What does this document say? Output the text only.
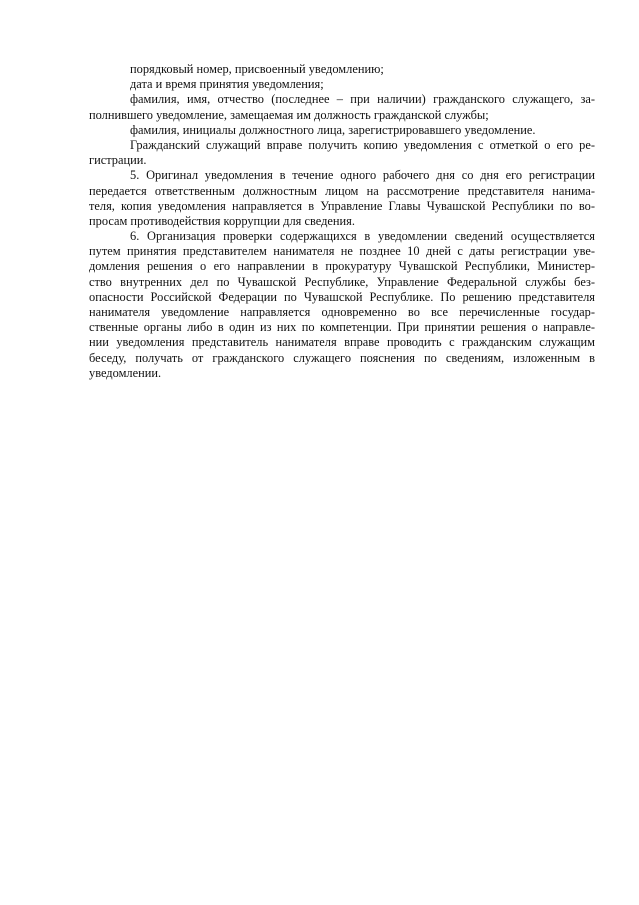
порядковый номер, присвоенный уведомлению;
дата и время принятия уведомления;
фамилия, имя, отчество (последнее – при наличии) гражданского служащего, за-
полнившего уведомление, замещаемая им должность гражданской службы;
фамилия, инициалы должностного лица, зарегистрировавшего уведомление.
Гражданский служащий вправе получить копию уведомления с отметкой о его ре-
гистрации.
5. Оригинал уведомления в течение одного рабочего дня со дня его регистрации
передается ответственным должностным лицом на рассмотрение представителя нанима-
теля, копия уведомления направляется в Управление Главы Чувашской Республики по во-
просам противодействия коррупции для сведения.
6. Организация проверки содержащихся в уведомлении сведений осуществляется
путем принятия представителем нанимателя не позднее 10 дней с даты регистрации уве-
домления решения о его направлении в прокуратуру Чувашской Республики, Министер-
ство внутренних дел по Чувашской Республике, Управление Федеральной службы без-
опасности Российской Федерации по Чувашской Республике. По решению представителя
нанимателя уведомление направляется одновременно во все перечисленные государ-
ственные органы либо в один из них по компетенции. При принятии решения о направле-
нии уведомления представитель нанимателя вправе проводить с гражданским служащим
беседу, получать от гражданского служащего пояснения по сведениям, изложенным в
уведомлении.
